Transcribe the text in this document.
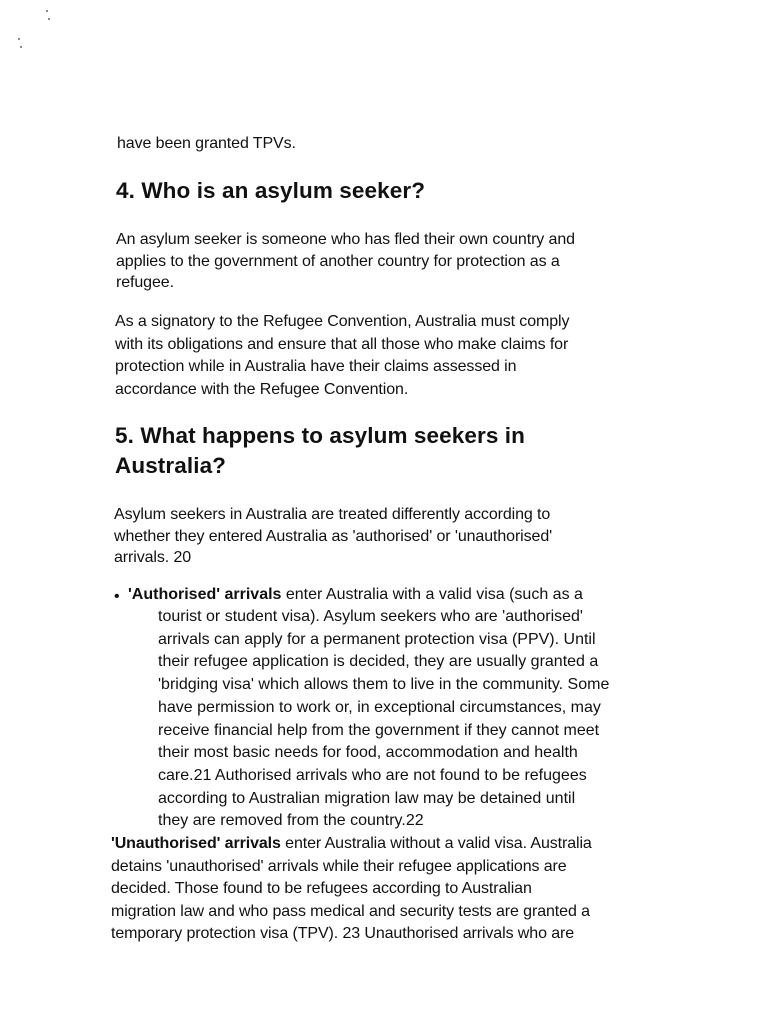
have been granted TPVs.

4. Who is an asylum seeker?

An asylum seeker is someone who has fled their own country and
applies to the government of another country for protection as a
refugee.

As a signatory to the Refugee Convention, Australia must comply
with its obligations and ensure that all those who make claims for
protection while in Australia have their claims assessed in
accordance with the Refugee Convention.

5. What happens to asylum seekers in
Australia?

Asylum seekers in Australia are treated differently according to
whether they entered Australia as 'authorised' or 'unauthorised'
arrivals. 20

• 'Authorised' arrivals enter Australia with a valid visa (such as a
tourist or student visa). Asylum seekers who are 'authorised'
arrivals can apply for a permanent protection visa (PPV). Until
their refugee application is decided, they are usually granted a
'bridging visa' which allows them to live in the community. Some
have permission to work or, in exceptional circumstances, may
receive financial help from the government if they cannot meet
their most basic needs for food, accommodation and health
care.21 Authorised arrivals who are not found to be refugees
according to Australian migration law may be detained until
they are removed from the country.22

'Unauthorised' arrivals enter Australia without a valid visa. Australia
detains 'unauthorised' arrivals while their refugee applications are
decided. Those found to be refugees according to Australian
migration law and who pass medical and security tests are granted a
temporary protection visa (TPV). 23 Unauthorised arrivals who are
